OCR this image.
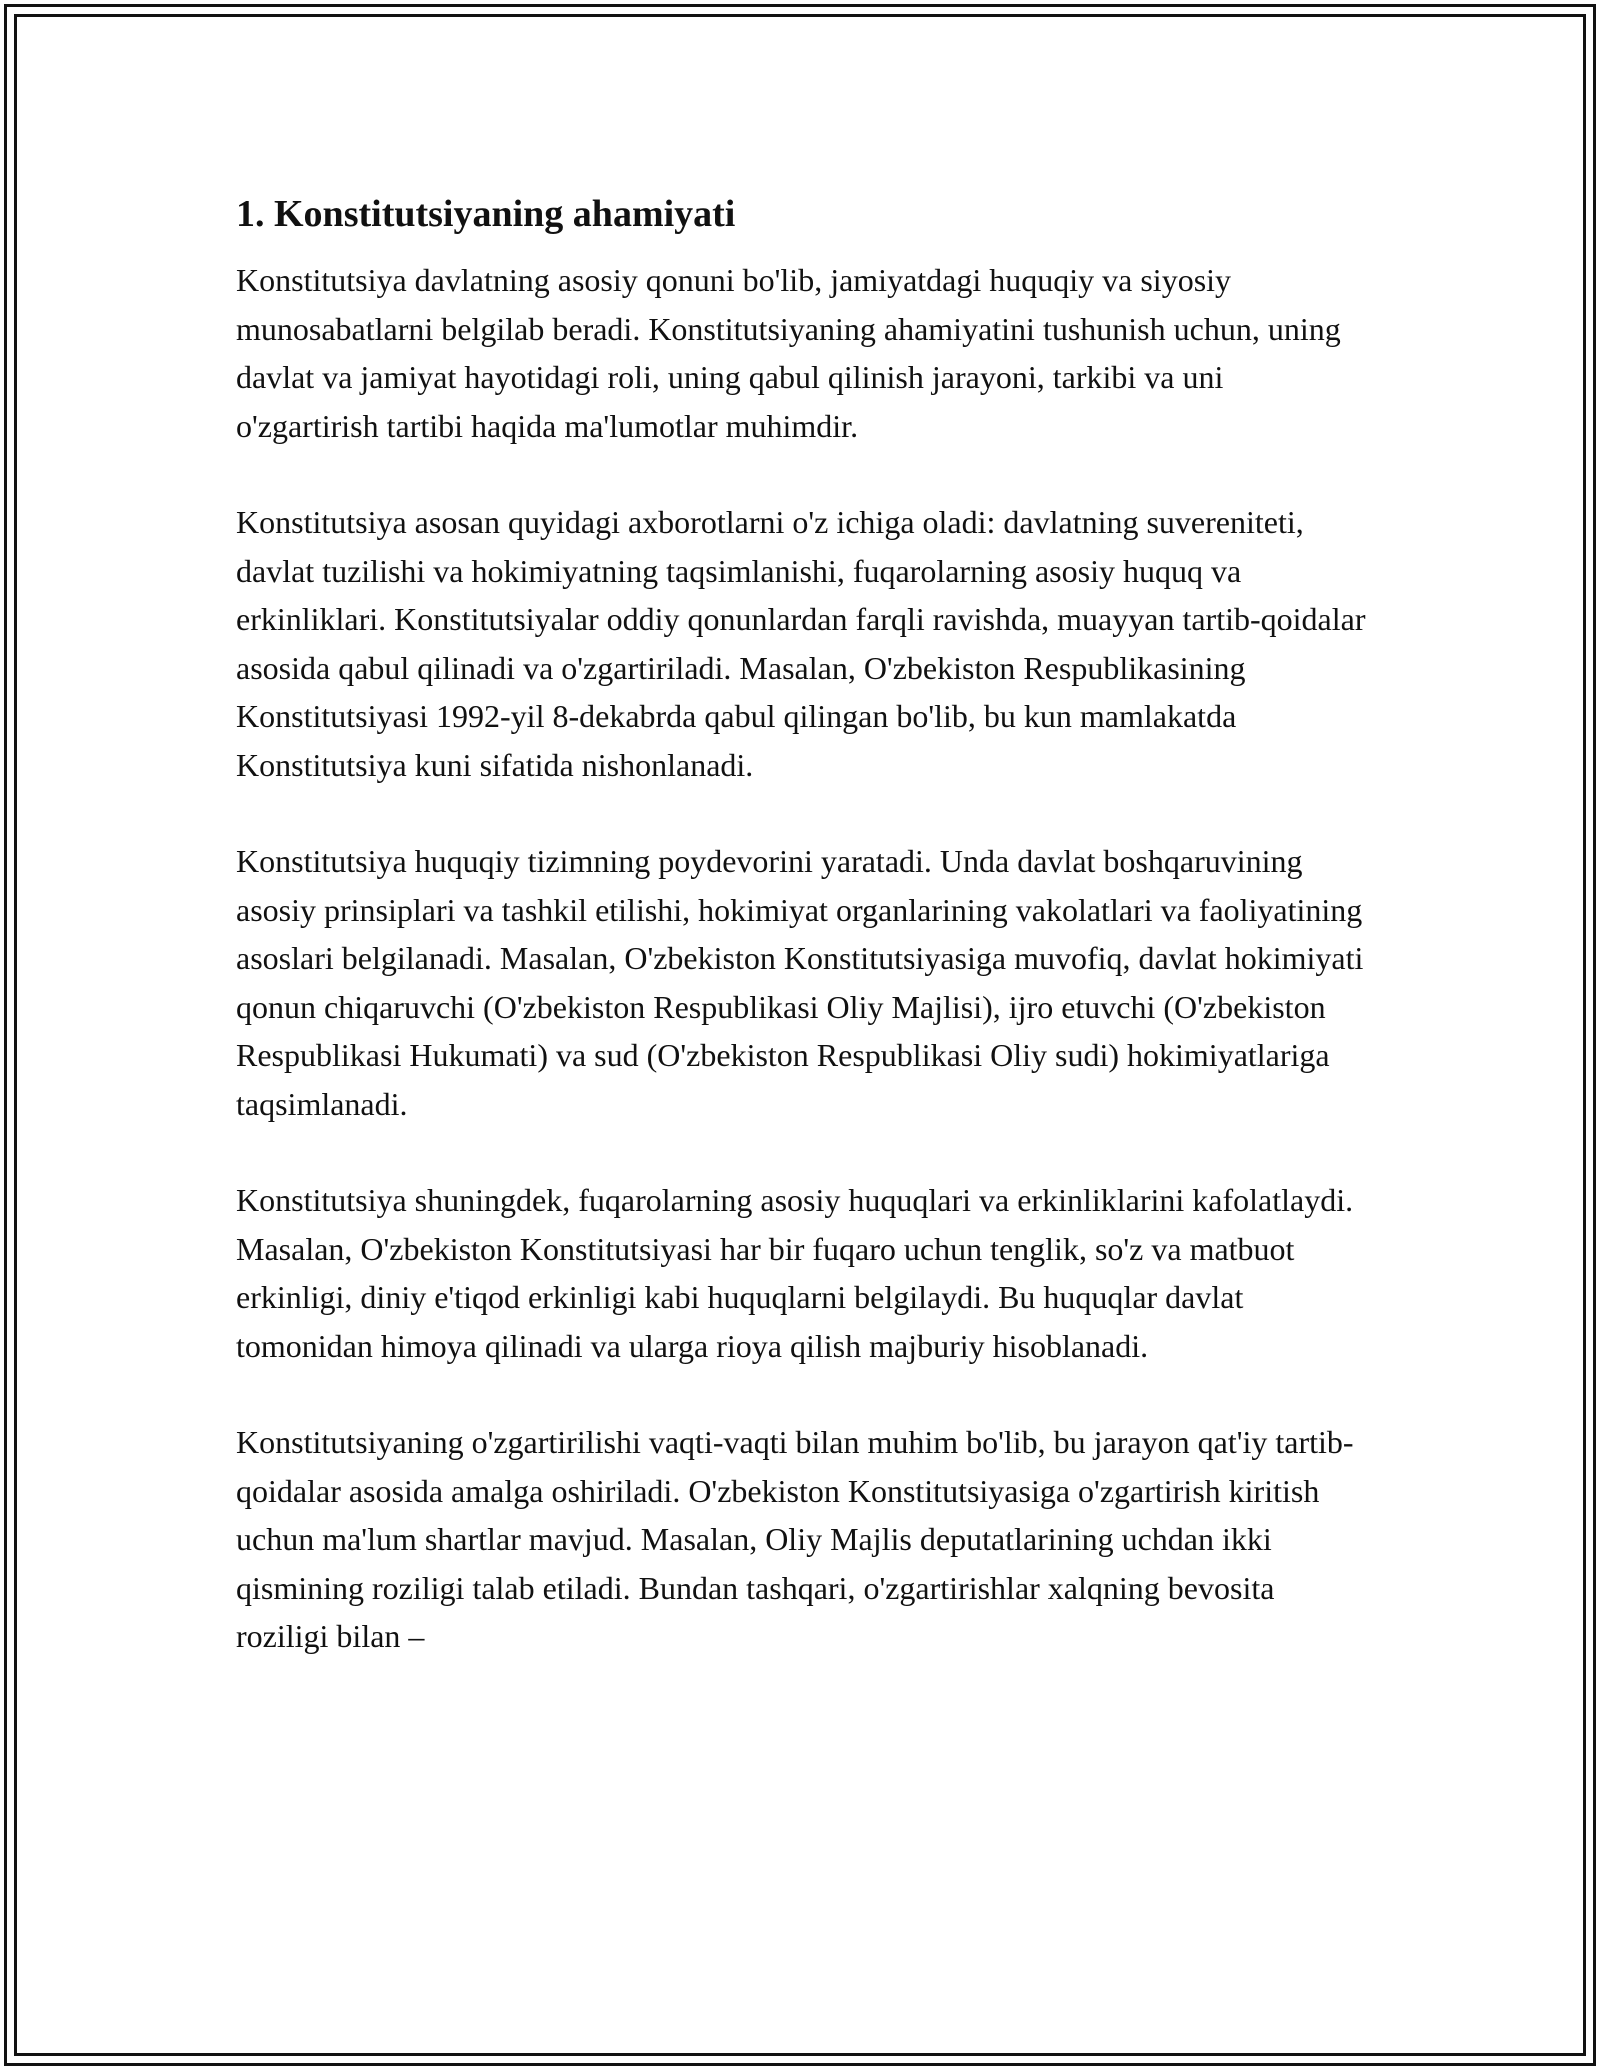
1. Konstitutsiyaning ahamiyati

Konstitutsiya davlatning asosiy qonuni bo'lib, jamiyatdagi huquqiy va siyosiy munosabatlarni belgilab beradi. Konstitutsiyaning ahamiyatini tushunish uchun, uning davlat va jamiyat hayotidagi roli, uning qabul qilinish jarayoni, tarkibi va uni o'zgartirish tartibi haqida ma'lumotlar muhimdir.

Konstitutsiya asosan quyidagi axborotlarni o'z ichiga oladi: davlatning suvereniteti, davlat tuzilishi va hokimiyatning taqsimlanishi, fuqarolarning asosiy huquq va erkinliklari. Konstitutsiyalar oddiy qonunlardan farqli ravishda, muayyan tartib-qoidalar asosida qabul qilinadi va o'zgartiriladi. Masalan, O'zbekiston Respublikasining Konstitutsiyasi 1992-yil 8-dekabrda qabul qilingan bo'lib, bu kun mamlakatda Konstitutsiya kuni sifatida nishonlanadi.

Konstitutsiya huquqiy tizimning poydevorini yaratadi. Unda davlat boshqaruvining asosiy prinsiplari va tashkil etilishi, hokimiyat organlarining vakolatlari va faoliyatining asoslari belgilanadi. Masalan, O'zbekiston Konstitutsiyasiga muvofiq, davlat hokimiyati qonun chiqaruvchi (O'zbekiston Respublikasi Oliy Majlisi), ijro etuvchi (O'zbekiston Respublikasi Hukumati) va sud (O'zbekiston Respublikasi Oliy sudi) hokimiyatlariga taqsimlanadi.

Konstitutsiya shuningdek, fuqarolarning asosiy huquqlari va erkinliklarini kafolatlaydi. Masalan, O'zbekiston Konstitutsiyasi har bir fuqaro uchun tenglik, so'z va matbuot erkinligi, diniy e'tiqod erkinligi kabi huquqlarni belgilaydi. Bu huquqlar davlat tomonidan himoya qilinadi va ularga rioya qilish majburiy hisoblanadi.

Konstitutsiyaning o'zgartirilishi vaqti-vaqti bilan muhim bo'lib, bu jarayon qat'iy tartib-qoidalar asosida amalga oshiriladi. O'zbekiston Konstitutsiyasiga o'zgartirish kiritish uchun ma'lum shartlar mavjud. Masalan, Oliy Majlis deputatlarining uchdan ikki qismining roziligi talab etiladi. Bundan tashqari, o'zgartirishlar xalqning bevosita roziligi bilan –
